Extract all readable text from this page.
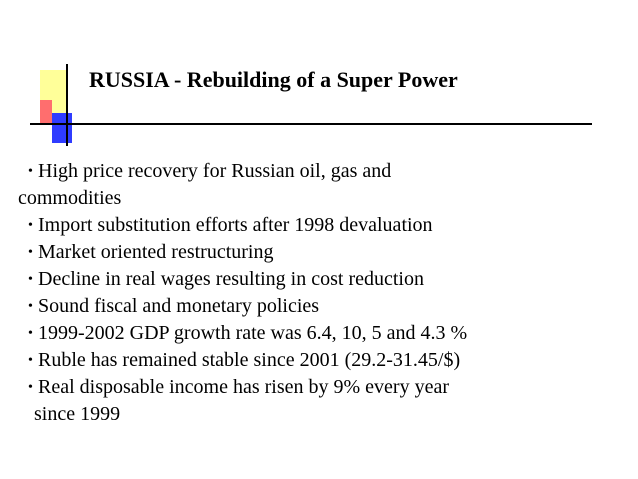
RUSSIA - Rebuilding of a Super Power
• High price recovery for Russian oil, gas and
commodities
• Import substitution efforts after 1998 devaluation
• Market oriented restructuring
• Decline in real wages resulting in cost reduction
• Sound fiscal and monetary policies
• 1999-2002 GDP growth rate was 6.4, 10, 5 and 4.3 %
• Ruble has remained stable since 2001 (29.2-31.45/$)
• Real disposable income has risen by 9% every year
since 1999
